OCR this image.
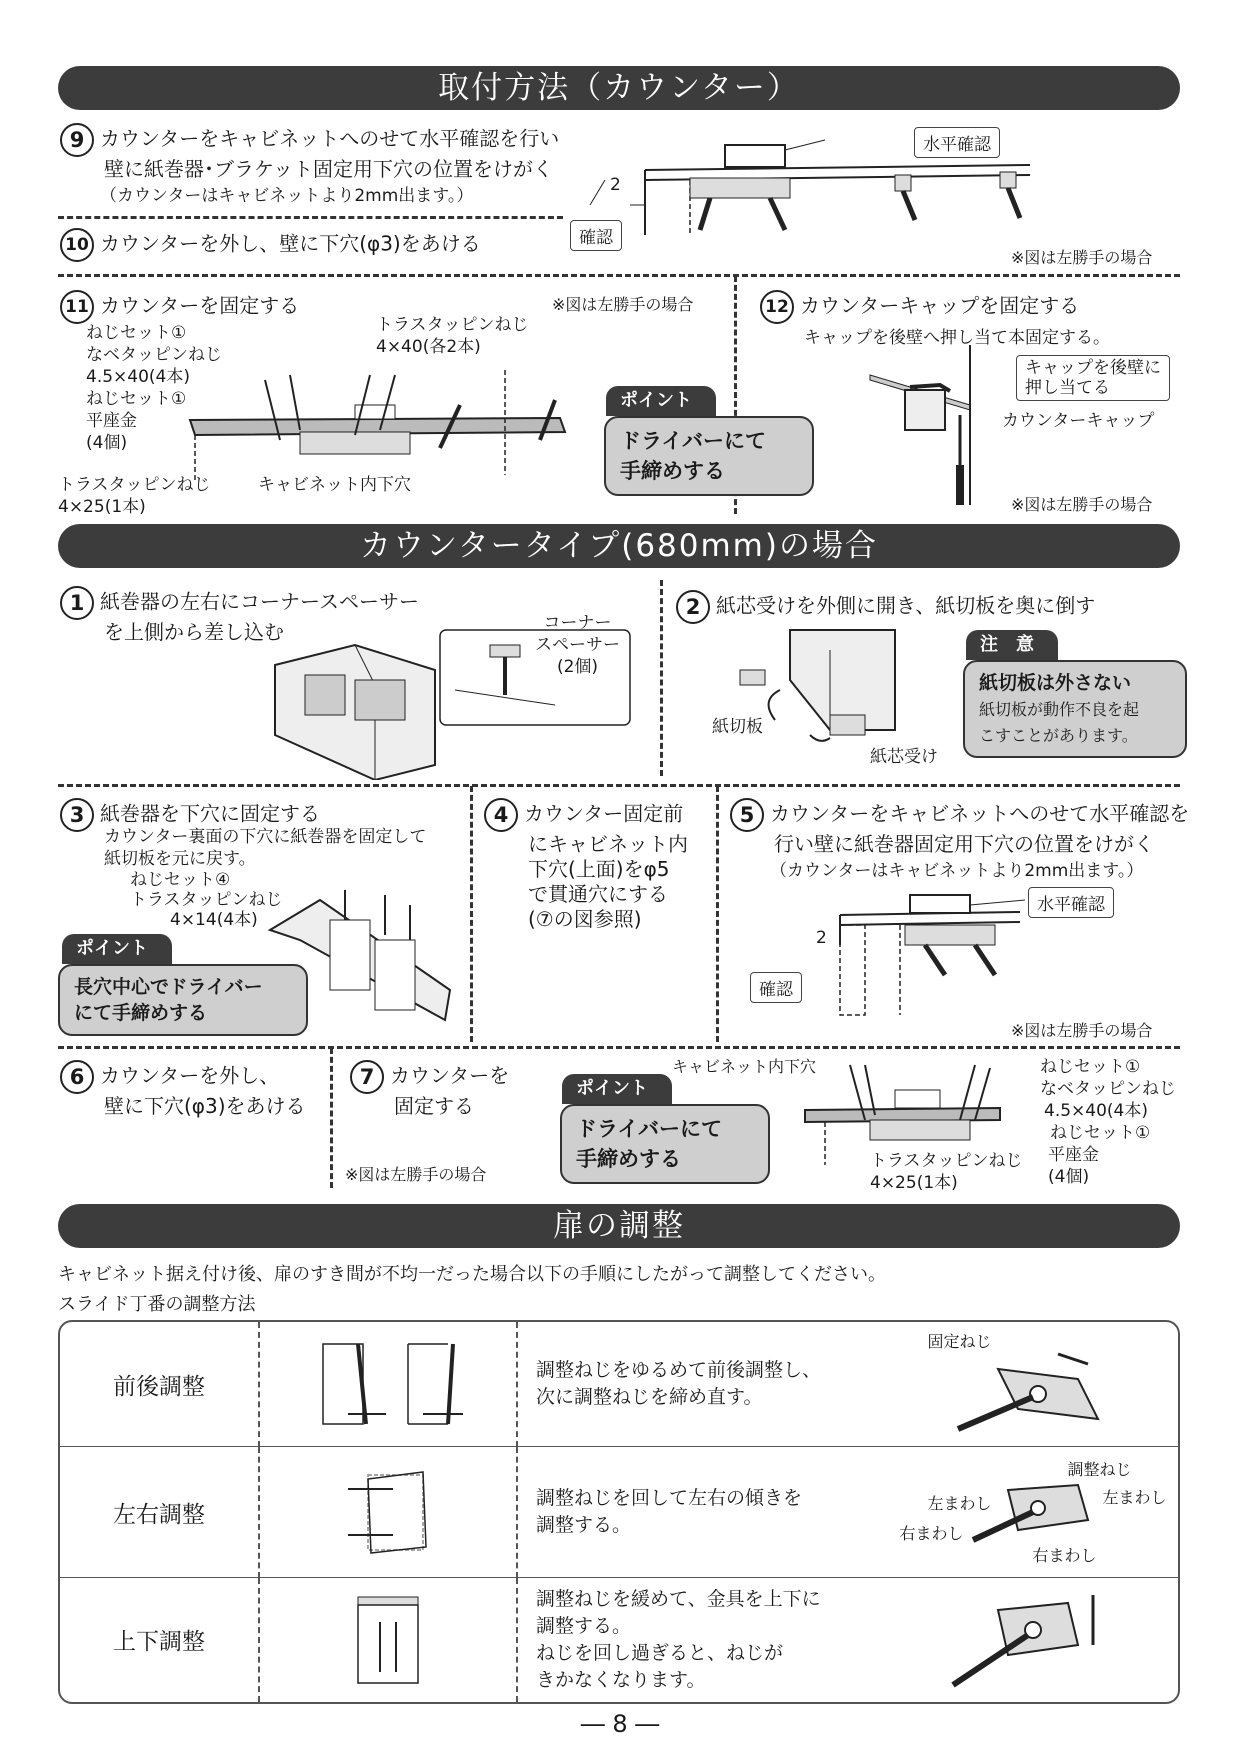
取付方法（カウンター）
9 カウンターをキャビネットへのせて水平確認を行い
壁に紙巻器･ブラケット固定用下穴の位置をけがく
（カウンターはキャビネットより2mm出ます。）
水平確認
2
確認
10 カウンターを外し、壁に下穴(φ3)をあける
※図は左勝手の場合
11 カウンターを固定する	※図は左勝手の場合
ねじセット①
なベタッピンねじ
4.5×40(4本)
ねじセット①
平座金
(4個)
トラスタッピンねじ
4×40(各2本)
トラスタッピンねじ
4×25(1本)
キャビネット内下穴
ポイント
ドライバーにて
手締めする
12 カウンターキャップを固定する
キャップを後壁へ押し当て本固定する。
キャップを後壁に
押し当てる
カウンターキャップ
※図は左勝手の場合
カウンタータイプ(680mm)の場合
1 紙巻器の左右にコーナースペーサー
を上側から差し込む	コーナー
スペーサー
(2個)
2 紙芯受けを外側に開き、紙切板を奥に倒す
紙切板
紙芯受け
注　意
紙切板は外さない
紙切板が動作不良を起
こすことがあります。
3 紙巻器を下穴に固定する
カウンター裏面の下穴に紙巻器を固定して
紙切板を元に戻す。
ねじセット④
トラスタッピンねじ
4×14(4本)
ポイント
長穴中心でドライバー
にて手締めする
4 カウンター固定前
にキャビネット内
下穴(上面)をφ5
で貫通穴にする
(⑦の図参照)
5 カウンターをキャビネットへのせて水平確認を
行い壁に紙巻器固定用下穴の位置をけがく
（カウンターはキャビネットより2mm出ます。）
水平確認
2
確認
※図は左勝手の場合
6 カウンターを外し、
壁に下穴(φ3)をあける
7 カウンターを
固定する
※図は左勝手の場合
キャビネット内下穴
ポイント
ドライバーにて
手締めする
ねじセット①
なベタッピンねじ
4.5×40(4本)
ねじセット①
平座金
(4個)
トラスタッピンねじ
4×25(1本)
扉の調整
キャビネット据え付け後、扉のすき間が不均一だった場合以下の手順にしたがって調整してください。
スライド丁番の調整方法
前後調整		調整ねじをゆるめて前後調整し、
次に調整ねじを締め直す。	固定ねじ

左右調整		調整ねじを回して左右の傾きを
調整する。	調整ねじ
左まわし 左まわし
右まわし
右まわし

上下調整		調整ねじを緩めて、金具を上下に
調整する。
ねじを回し過ぎると、ねじが
きかなくなります。	
― 8 ―
